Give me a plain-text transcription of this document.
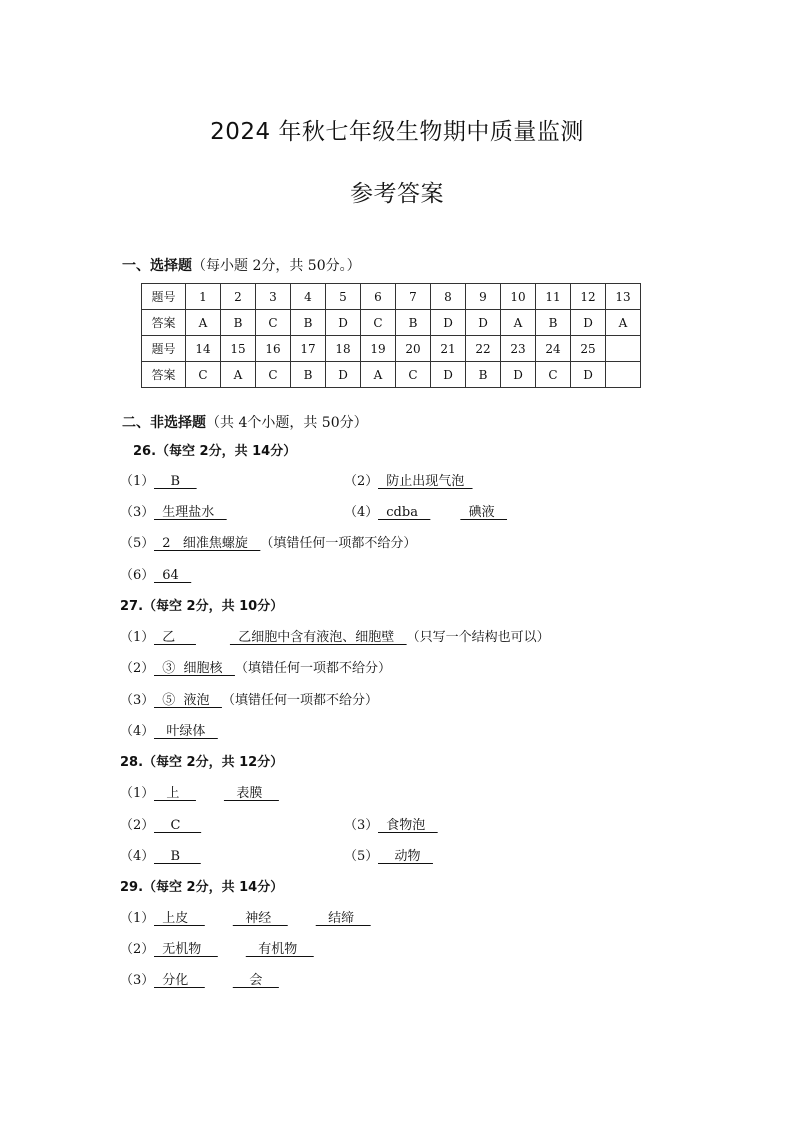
2024 年秋七年级生物期中质量监测
参考答案
一、选择题（每小题 2分，共 50分。）
题号	1	2	3	4	5	6	7	8	9	10	11	12	13
答案	A	B	C	B	D	C	B	D	D	A	B	D	A
题号	14	15	16	17	18	19	20	21	22	23	24	25	
答案	C	A	C	B	D	A	C	D	B	D	C	D	
二、非选择题（共 4个小题，共 50分）
26.（每空 2分，共 14分）
（1）    B	（2）  防止出现气泡
（3）  生理盐水	（4）  cdba     碘液
（5）  2   细准焦螺旋   （填错任何一项都不给分）
（6）  64
27.（每空 2分，共 10分）
（1）  乙	乙细胞中含有液泡、细胞壁   （只写一个结构也可以）
（2）  ③  细胞核   （填错任何一项都不给分）
（3）  ⑤  液泡   （填错任何一项都不给分）
（4）   叶绿体
28.（每空 2分，共 12分）
（1）   上       表膜
（2）    C	（3）  食物泡
（4）    B	（5）    动物
29.（每空 2分，共 14分）
（1）  上皮       神经       结缔
（2）  无机物       有机物
（3）  分化        会
